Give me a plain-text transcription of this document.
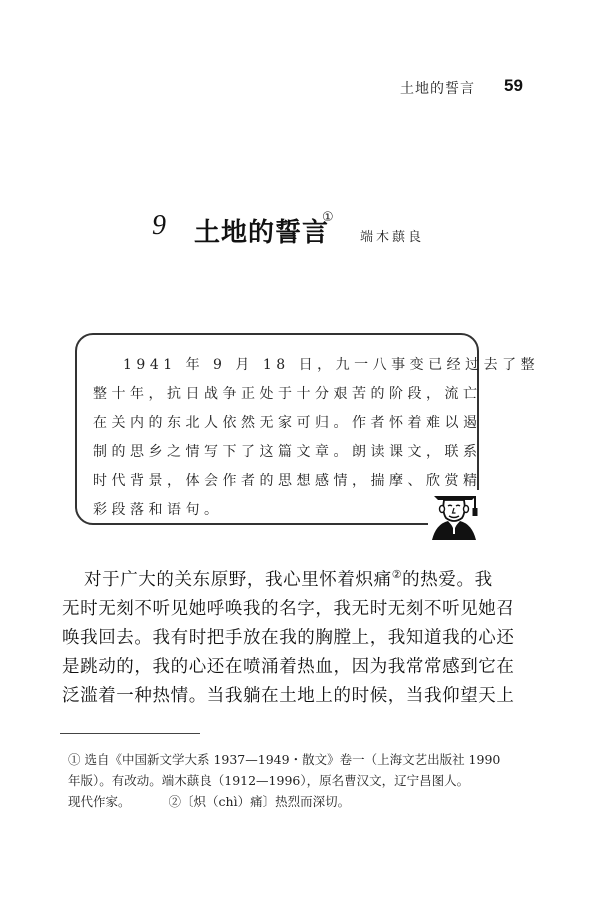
土地的誓言 59
9 土地的誓言
①
端木蕻良
1941 年 9 月 18 日，九一八事变已经过去了整
整十年，抗日战争正处于十分艰苦的阶段，流亡
在关内的东北人依然无家可归。作者怀着难以遏
制的思乡之情写下了这篇文章。朗读课文，联系
时代背景，体会作者的思想感情，揣摩、欣赏精
彩段落和语句。
对于广大的关东原野，我心里怀着炽痛②的热爱。我
无时无刻不听见她呼唤我的名字，我无时无刻不听见她召
唤我回去。我有时把手放在我的胸膛上，我知道我的心还
是跳动的，我的心还在喷涌着热血，因为我常常感到它在
泛滥着一种热情。当我躺在土地上的时候，当我仰望天上
① 选自《中国新文学大系 1937—1949・散文》卷一（上海文艺出版社 1990
年版）。有改动。端木蕻良（1912—1996），原名曹汉文，辽宁昌图人。
现代作家。	②〔炽（chì）痛〕热烈而深切。
